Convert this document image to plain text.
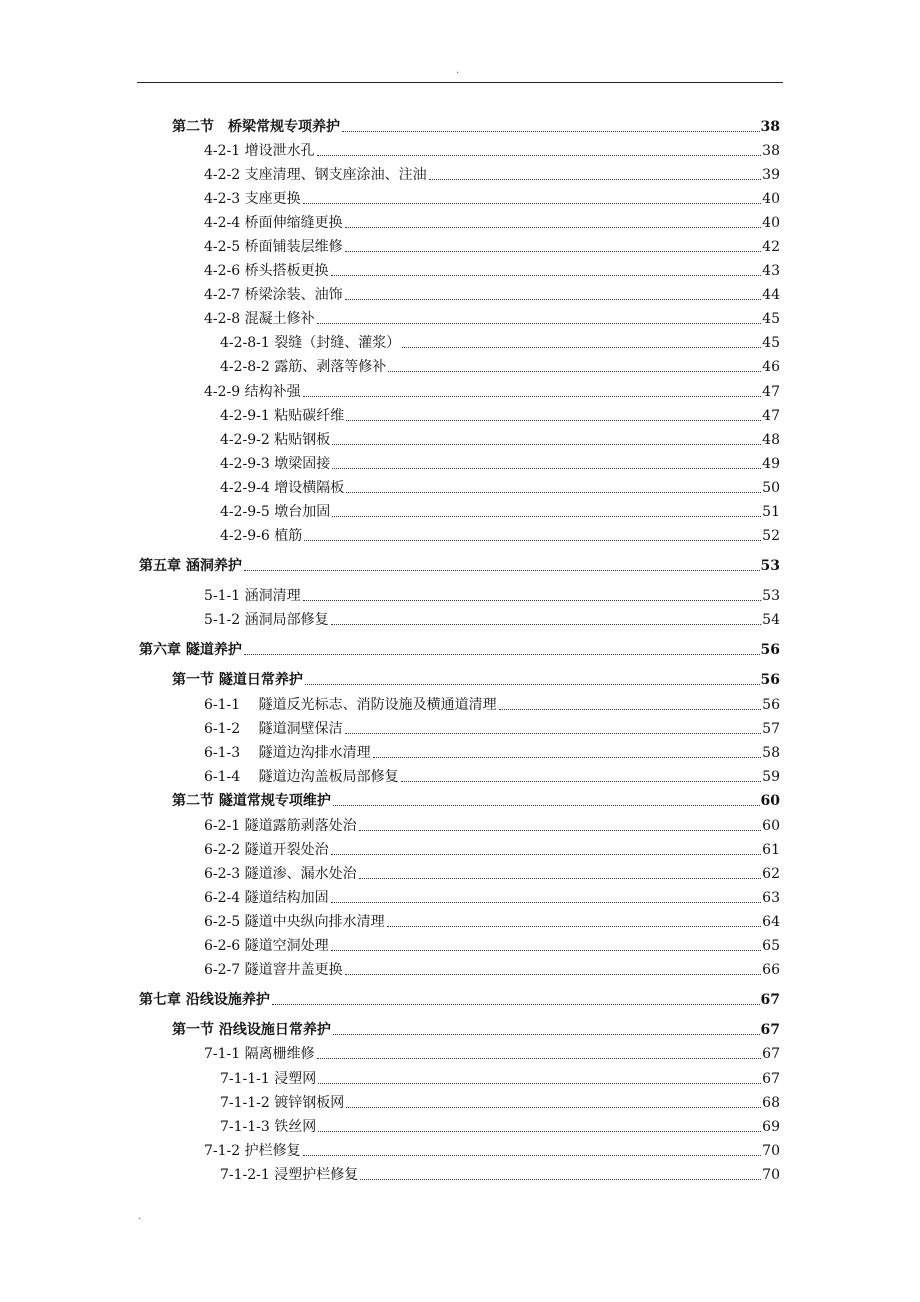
.
第二节　桥梁常规专项养护	38
4-2-1 增设泄水孔	38
4-2-2 支座清理、钢支座涂油、注油	39
4-2-3 支座更换	40
4-2-4 桥面伸缩缝更换	40
4-2-5 桥面铺装层维修	42
4-2-6 桥头搭板更换	43
4-2-7 桥梁涂装、油饰	44
4-2-8 混凝土修补	45
4-2-8-1 裂缝（封缝、灌浆）	45
4-2-8-2 露筋、剥落等修补	46
4-2-9 结构补强	47
4-2-9-1 粘贴碳纤维	47
4-2-9-2 粘贴钢板	48
4-2-9-3 墩梁固接	49
4-2-9-4 增设横隔板	50
4-2-9-5 墩台加固	51
4-2-9-6 植筋	52
第五章 涵洞养护	53
5-1-1 涵洞清理	53
5-1-2 涵洞局部修复	54
第六章 隧道养护	56
第一节 隧道日常养护	56
6-1-1　 隧道反光标志、消防设施及横通道清理	56
6-1-2　 隧道洞壁保洁	57
6-1-3　 隧道边沟排水清理	58
6-1-4　 隧道边沟盖板局部修复	59
第二节 隧道常规专项维护	60
6-2-1 隧道露筋剥落处治	60
6-2-2 隧道开裂处治	61
6-2-3 隧道渗、漏水处治	62
6-2-4 隧道结构加固	63
6-2-5 隧道中央纵向排水清理	64
6-2-6 隧道空洞处理	65
6-2-7 隧道窨井盖更换	66
第七章 沿线设施养护	67
第一节 沿线设施日常养护	67
7-1-1 隔离栅维修	67
7-1-1-1 浸塑网	67
7-1-1-2 镀锌钢板网	68
7-1-1-3 铁丝网	69
7-1-2 护栏修复	70
7-1-2-1 浸塑护栏修复	70
.
